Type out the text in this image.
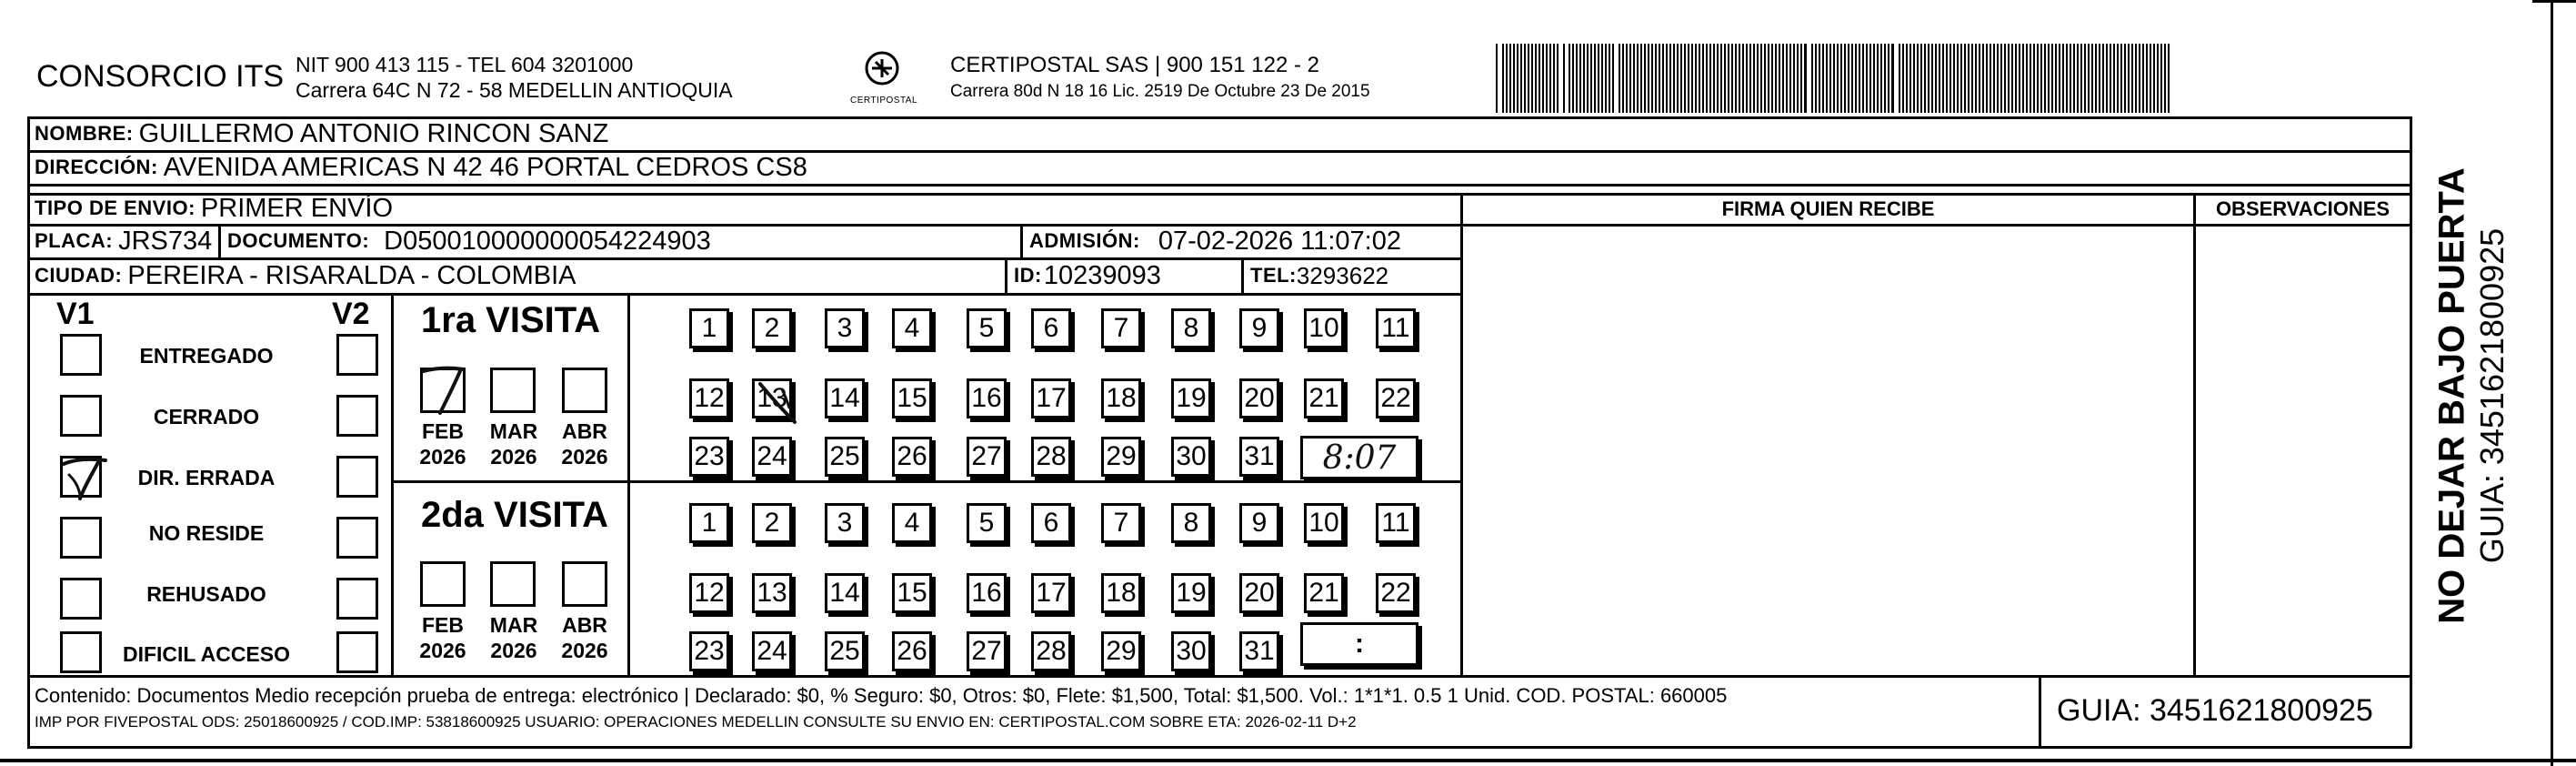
CONSORCIO ITS NIT 900 413 115 - TEL 604 3201000
Carrera 64C N 72 - 58 MEDELLIN ANTIOQUIA	CERTIPOSTAL
CERTIPOSTAL SAS | 900 151 122 - 2
Carrera 80d N 18 16 Lic. 2519 De Octubre 23 De 2015
NOMBRE: GUILLERMO ANTONIO RINCON SANZ
DIRECCIÓN: AVENIDA AMERICAS N 42 46 PORTAL CEDROS CS8
TIPO DE ENVIO: PRIMER ENVÍO	FIRMA QUIEN RECIBE	OBSERVACIONES
PLACA: JRS734 DOCUMENTO: D050010000000054224903	ADMISIÓN: 07-02-2026 11:07:02
CIUDAD: PEREIRA - RISARALDA - COLOMBIA	ID: 10239093	TEL: 3293622
V1	V2
ENTREGADO
CERRADO
DIR. ERRADA
NO RESIDE
REHUSADO
DIFICIL ACCESO
1ra VISITA
FEB
2026
MAR
2026
ABR
2026
1 2 3 4 5 6 7 8 9 10 11
12 13 14 15 16 17 18 19 20 21 22
23 24 25 26 27 28 29 30 31 8:07
2da VISITA
FEB
2026
MAR
2026
ABR
2026
1 2 3 4 5 6 7 8 9 10 11
12 13 14 15 16 17 18 19 20 21 22
23 24 25 26 27 28 29 30 31	:
Contenido: Documentos Medio recepción prueba de entrega: electrónico | Declarado: $0, % Seguro: $0, Otros: $0, Flete: $1,500, Total: $1,500. Vol.: 1*1*1. 0.5 1 Unid. COD. POSTAL: 660005
IMP POR FIVEPOSTAL ODS: 25018600925 / COD.IMP: 53818600925 USUARIO: OPERACIONES MEDELLIN CONSULTE SU ENVIO EN: CERTIPOSTAL.COM SOBRE ETA: 2026-02-11 D+2	GUIA: 3451621800925
NO DEJAR BAJO PUERTA GUIA: 3451621800925
